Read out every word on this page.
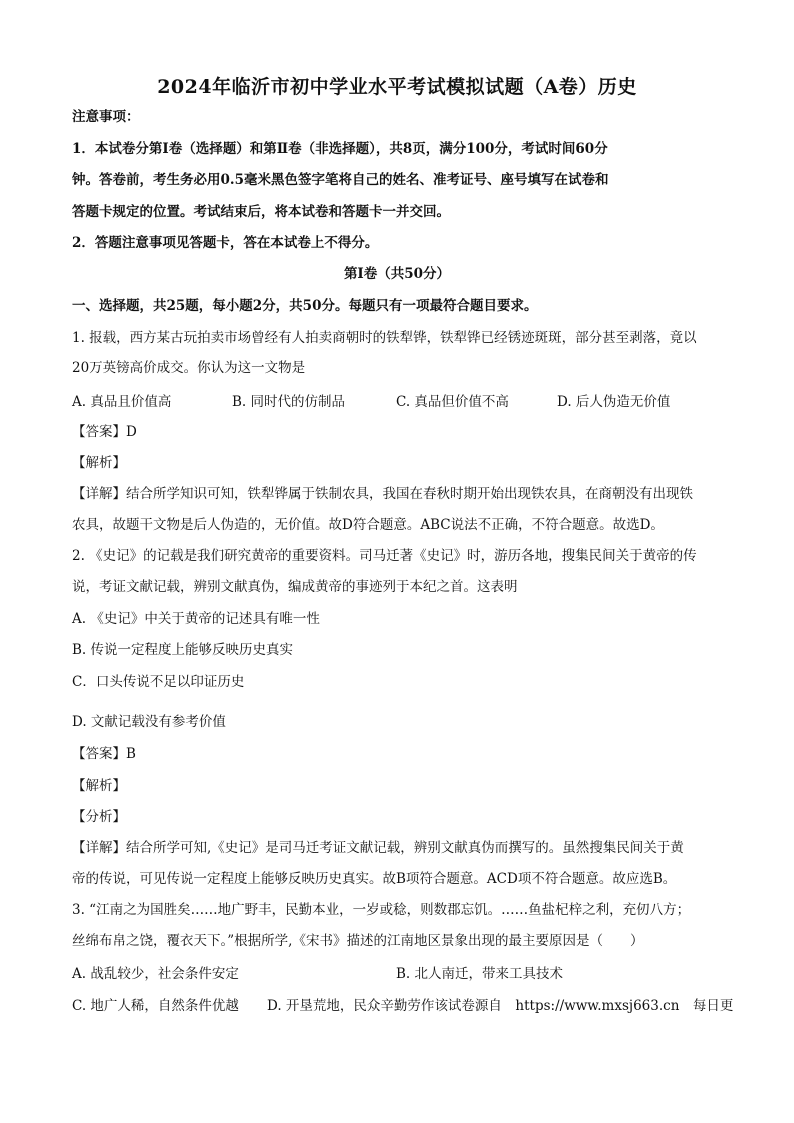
2024年临沂市初中学业水平考试模拟试题（A卷）历史
注意事项：
1．本试卷分第Ⅰ卷（选择题）和第Ⅱ卷（非选择题），共8页，满分100分，考试时间60分
钟。答卷前，考生务必用0.5毫米黑色签字笔将自己的姓名、准考证号、座号填写在试卷和
答题卡规定的位置。考试结束后，将本试卷和答题卡一并交回。
2．答题注意事项见答题卡，答在本试卷上不得分。
第Ⅰ卷（共50分）
一、选择题，共25题，每小题2分，共50分。每题只有一项最符合题目要求。
1. 报载，西方某古玩拍卖市场曾经有人拍卖商朝时的铁犁铧，铁犁铧已经锈迹斑斑，部分甚至剥落，竟以
20万英镑高价成交。你认为这一文物是
A. 真品且价值高	B. 同时代的仿制品	C. 真品但价值不高	D. 后人伪造无价值
【答案】D
【解析】
【详解】结合所学知识可知，铁犁铧属于铁制农具，我国在春秋时期开始出现铁农具，在商朝没有出现铁
农具，故题干文物是后人伪造的，无价值。故D符合题意。ABC说法不正确，不符合题意。故选D。
2. 《史记》的记载是我们研究黄帝的重要资料。司马迁著《史记》时，游历各地，搜集民间关于黄帝的传
说，考证文献记载，辨别文献真伪，编成黄帝的事迹列于本纪之首。这表明
A. 《史记》中关于黄帝的记述具有唯一性
B. 传说一定程度上能够反映历史真实
C．口头传说不足以印证历史
D. 文献记载没有参考价值
【答案】B
【解析】
【分析】
【详解】结合所学可知,《史记》是司马迁考证文献记载，辨别文献真伪而撰写的。虽然搜集民间关于黄
帝的传说，可见传说一定程度上能够反映历史真实。故B项符合题意。ACD项不符合题意。故应选B。
3. “江南之为国胜矣……地广野丰，民勤本业，一岁或稔，则数郡忘饥。……鱼盐杞梓之利，充仞八方；
丝绵布帛之饶，覆衣天下。”根据所学,《宋书》描述的江南地区景象出现的最主要原因是（　　）
A. 战乱较少，社会条件安定	B. 北人南迁，带来工具技术
C. 地广人稀，自然条件优越 D. 开垦荒地，民众辛勤劳作该试卷源自　https://www.mxsj663.cn　每日更
